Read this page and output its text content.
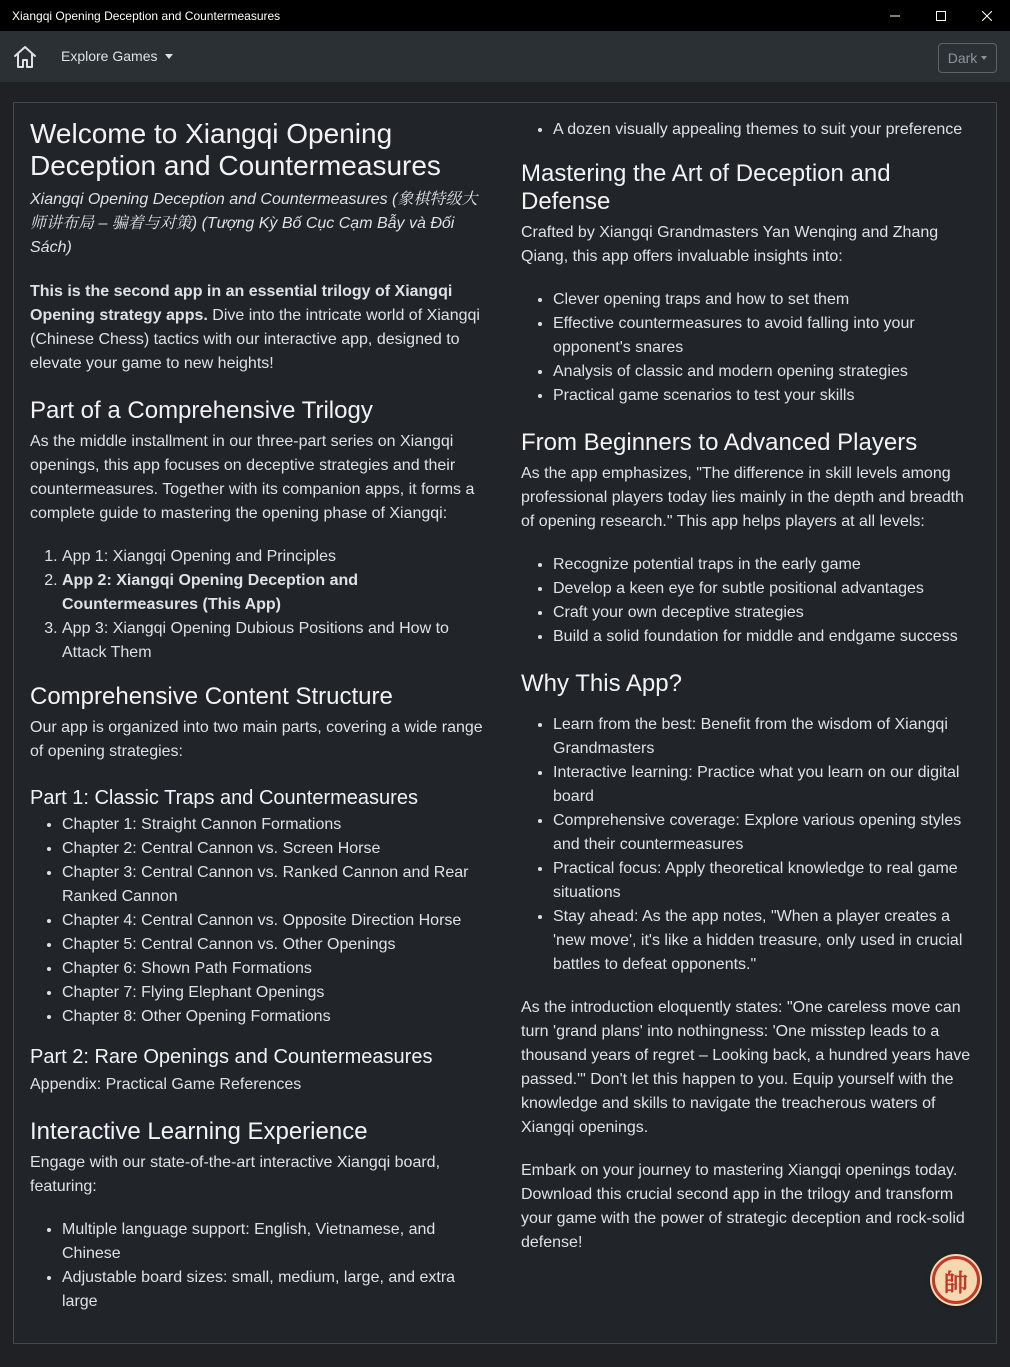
Xiangqi Opening Deception and Countermeasures
Explore Games	Dark
Welcome to Xiangqi Opening Deception and Countermeasures

Xiangqi Opening Deception and Countermeasures (象棋特级大师讲布局 – 骗着与对策) (Tượng Kỳ Bố Cục Cạm Bẫy và Đối Sách)

This is the second app in an essential trilogy of Xiangqi Opening strategy apps. Dive into the intricate world of Xiangqi (Chinese Chess) tactics with our interactive app, designed to elevate your game to new heights!

Part of a Comprehensive Trilogy

As the middle installment in our three-part series on Xiangqi openings, this app focuses on deceptive strategies and their countermeasures. Together with its companion apps, it forms a complete guide to mastering the opening phase of Xiangqi:

1. App 1: Xiangqi Opening and Principles
2. App 2: Xiangqi Opening Deception and Countermeasures (This App)
3. App 3: Xiangqi Opening Dubious Positions and How to Attack Them
Comprehensive Content Structure

Our app is organized into two main parts, covering a wide range of opening strategies:

Part 1: Classic Traps and Countermeasures
• Chapter 1: Straight Cannon Formations
• Chapter 2: Central Cannon vs. Screen Horse
• Chapter 3: Central Cannon vs. Ranked Cannon and Rear Ranked Cannon
• Chapter 4: Central Cannon vs. Opposite Direction Horse
• Chapter 5: Central Cannon vs. Other Openings
• Chapter 6: Shown Path Formations
• Chapter 7: Flying Elephant Openings
• Chapter 8: Other Opening Formations
Part 2: Rare Openings and Countermeasures

Appendix: Practical Game References

Interactive Learning Experience

Engage with our state-of-the-art interactive Xiangqi board, featuring:

• Multiple language support: English, Vietnamese, and Chinese
• Adjustable board sizes: small, medium, large, and extra large
• A dozen visually appealing themes to suit your preference
Mastering the Art of Deception and Defense

Crafted by Xiangqi Grandmasters Yan Wenqing and Zhang Qiang, this app offers invaluable insights into:

• Clever opening traps and how to set them
• Effective countermeasures to avoid falling into your opponent's snares
• Analysis of classic and modern opening strategies
• Practical game scenarios to test your skills
From Beginners to Advanced Players

As the app emphasizes, "The difference in skill levels among professional players today lies mainly in the depth and breadth of opening research." This app helps players at all levels:

• Recognize potential traps in the early game
• Develop a keen eye for subtle positional advantages
• Craft your own deceptive strategies
• Build a solid foundation for middle and endgame success
Why This App?
• Learn from the best: Benefit from the wisdom of Xiangqi Grandmasters
• Interactive learning: Practice what you learn on our digital board
• Comprehensive coverage: Explore various opening styles and their countermeasures
• Practical focus: Apply theoretical knowledge to real game situations
• Stay ahead: As the app notes, "When a player creates a 'new move', it's like a hidden treasure, only used in crucial battles to defeat opponents."

As the introduction eloquently states: "One careless move can turn 'grand plans' into nothingness: 'One misstep leads to a thousand years of regret – Looking back, a hundred years have passed.'" Don't let this happen to you. Equip yourself with the knowledge and skills to navigate the treacherous waters of Xiangqi openings.

Embark on your journey to mastering Xiangqi openings today. Download this crucial second app in the trilogy and transform your game with the power of strategic deception and rock-solid defense!

帥
